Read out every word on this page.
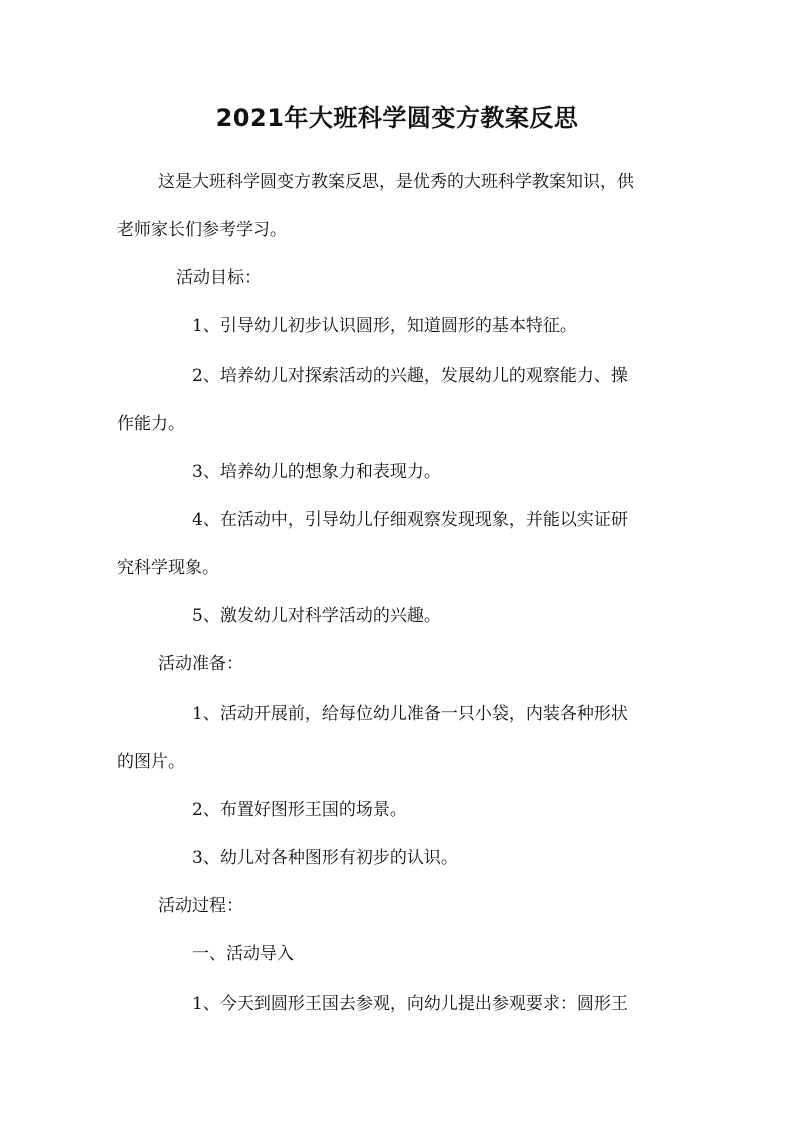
2021年大班科学圆变方教案反思

这是大班科学圆变方教案反思，是优秀的大班科学教案知识，供

老师家长们参考学习。

活动目标：

1、引导幼儿初步认识圆形，知道圆形的基本特征。

2、培养幼儿对探索活动的兴趣，发展幼儿的观察能力、操

作能力。

3、培养幼儿的想象力和表现力。

4、在活动中，引导幼儿仔细观察发现现象，并能以实证研

究科学现象。

5、激发幼儿对科学活动的兴趣。

活动准备：

1、活动开展前，给每位幼儿准备一只小袋，内装各种形状

的图片。

2、布置好图形王国的场景。

3、幼儿对各种图形有初步的认识。

活动过程：

一、活动导入

1、今天到圆形王国去参观，向幼儿提出参观要求：圆形王
